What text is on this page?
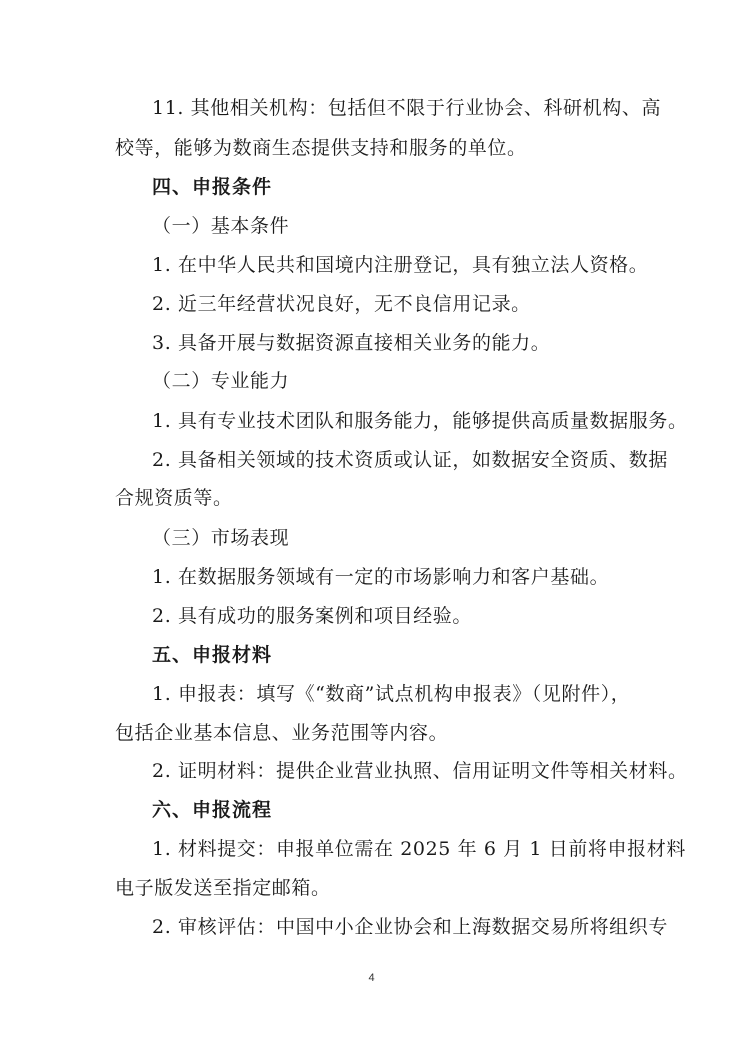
11. 其他相关机构：包括但不限于行业协会、科研机构、高
校等，能够为数商生态提供支持和服务的单位。
四、申报条件
（一）基本条件
1. 在中华人民共和国境内注册登记，具有独立法人资格。
2. 近三年经营状况良好，无不良信用记录。
3. 具备开展与数据资源直接相关业务的能力。
（二）专业能力
1. 具有专业技术团队和服务能力，能够提供高质量数据服务。
2. 具备相关领域的技术资质或认证，如数据安全资质、数据
合规资质等。
（三）市场表现
1. 在数据服务领域有一定的市场影响力和客户基础。
2. 具有成功的服务案例和项目经验。
五、申报材料
1. 申报表：填写《“数商”试点机构申报表》（见附件），
包括企业基本信息、业务范围等内容。
2. 证明材料：提供企业营业执照、信用证明文件等相关材料。
六、申报流程
1. 材料提交：申报单位需在 2025 年 6 月 1 日前将申报材料
电子版发送至指定邮箱。
2. 审核评估：中国中小企业协会和上海数据交易所将组织专
4
